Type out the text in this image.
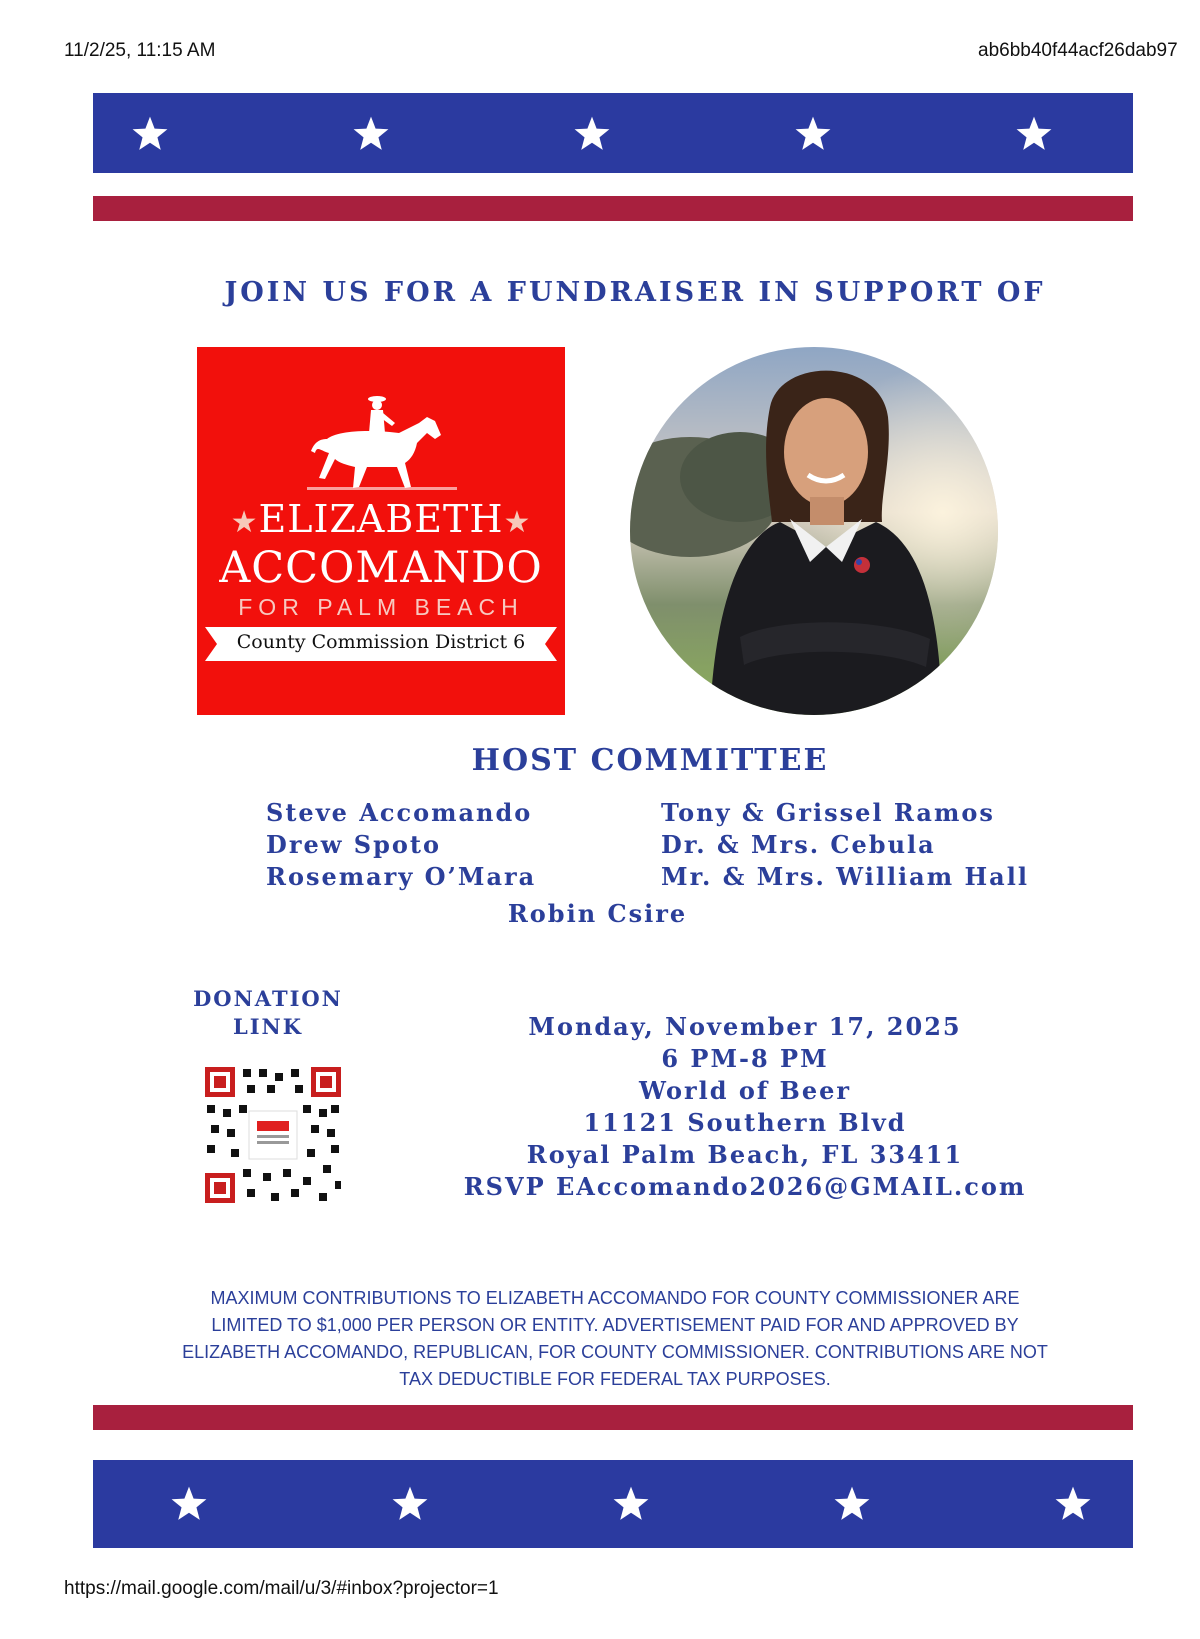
11/2/25, 11:15 AM	ab6bb40f44acf26dab97
JOIN US FOR A FUNDRAISER IN SUPPORT OF
★ELIZABETH★
ACCOMANDO
FOR PALM BEACH
County Commission District 6
HOST COMMITTEE
Steve Accomando
Drew Spoto
Rosemary O’Mara
Tony & Grissel Ramos
Dr. & Mrs. Cebula
Mr. & Mrs. William Hall
Robin Csire
DONATION
LINK	Monday, November 17, 2025
6 PM-8 PM
World of Beer
11121 Southern Blvd
Royal Palm Beach, FL 33411
RSVP EAccomando2026@GMAIL.com
MAXIMUM CONTRIBUTIONS TO ELIZABETH ACCOMANDO FOR COUNTY COMMISSIONER ARE
LIMITED TO $1,000 PER PERSON OR ENTITY. ADVERTISEMENT PAID FOR AND APPROVED BY
ELIZABETH ACCOMANDO, REPUBLICAN, FOR COUNTY COMMISSIONER. CONTRIBUTIONS ARE NOT
TAX DEDUCTIBLE FOR FEDERAL TAX PURPOSES.
https://mail.google.com/mail/u/3/#inbox?projector=1
